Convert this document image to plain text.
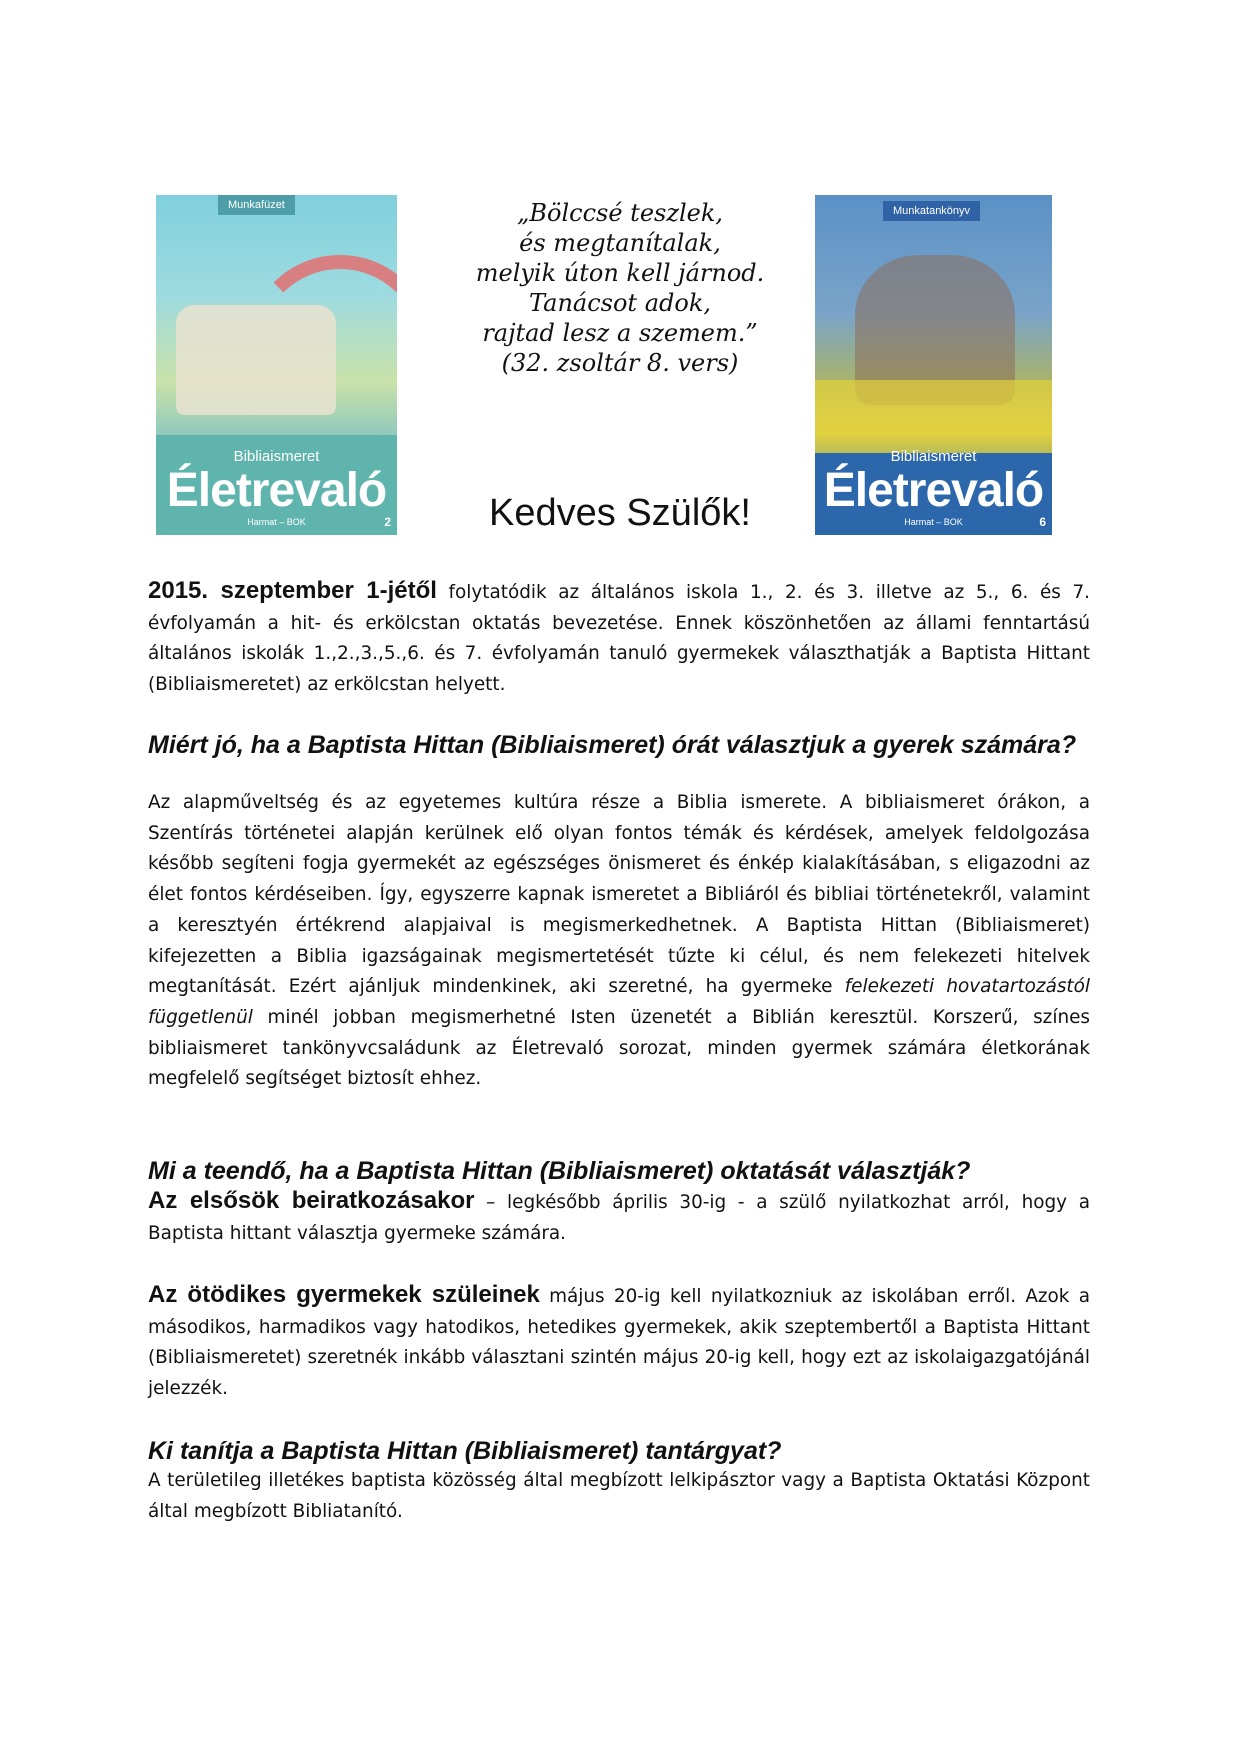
Munkafüzet
Bibliaismeret
Életrevaló
Harmat – BOK	2
„Bölccsé teszlek,
és megtanítalak,
melyik úton kell járnod.
Tanácsot adok,
rajtad lesz a szemem.”
(32. zsoltár 8. vers)
Kedves Szülők!
Munkatankönyv
Bibliaismeret
Életrevaló
Harmat – BOK	6
2015. szeptember 1-jétől folytatódik az általános iskola 1., 2. és 3. illetve az 5., 6. és 7. évfolyamán a hit- és erkölcstan oktatás bevezetése. Ennek köszönhetően az állami fenntartású általános iskolák 1.,2.,3.,5.,6. és 7. évfolyamán tanuló gyermekek választhatják a Baptista Hittant (Bibliaismeretet) az erkölcstan helyett.
Miért jó, ha a Baptista Hittan (Bibliaismeret) órát választjuk a gyerek számára?
Az alapműveltség és az egyetemes kultúra része a Biblia ismerete. A bibliaismeret órákon, a Szentírás történetei alapján kerülnek elő olyan fontos témák és kérdések, amelyek feldolgozása később segíteni fogja gyermekét az egészséges önismeret és énkép kialakításában, s eligazodni az élet fontos kérdéseiben. Így, egyszerre kapnak ismeretet a Bibliáról és bibliai történetekről, valamint a keresztyén értékrend alapjaival is megismerkedhetnek. A Baptista Hittan (Bibliaismeret) kifejezetten a Biblia igazságainak megismertetését tűzte ki célul, és nem felekezeti hitelvek megtanítását. Ezért ajánljuk mindenkinek, aki szeretné, ha gyermeke felekezeti hovatartozástól függetlenül minél jobban megismerhetné Isten üzenetét a Biblián keresztül. Korszerű, színes bibliaismeret tankönyvcsaládunk az Életrevaló sorozat, minden gyermek számára életkorának megfelelő segítséget biztosít ehhez.
Mi a teendő, ha a Baptista Hittan (Bibliaismeret) oktatását választják?
Az elsősök beiratkozásakor – legkésőbb április 30-ig - a szülő nyilatkozhat arról, hogy a Baptista hittant választja gyermeke számára.
Az ötödikes gyermekek szüleinek május 20-ig kell nyilatkozniuk az iskolában erről. Azok a másodikos, harmadikos vagy hatodikos, hetedikes gyermekek, akik szeptembertől a Baptista Hittant (Bibliaismeretet) szeretnék inkább választani szintén május 20-ig kell, hogy ezt az iskolaigazgatójánál jelezzék.
Ki tanítja a Baptista Hittan (Bibliaismeret) tantárgyat?
A területileg illetékes baptista közösség által megbízott lelkipásztor vagy a Baptista Oktatási Központ által megbízott Bibliatanító.
